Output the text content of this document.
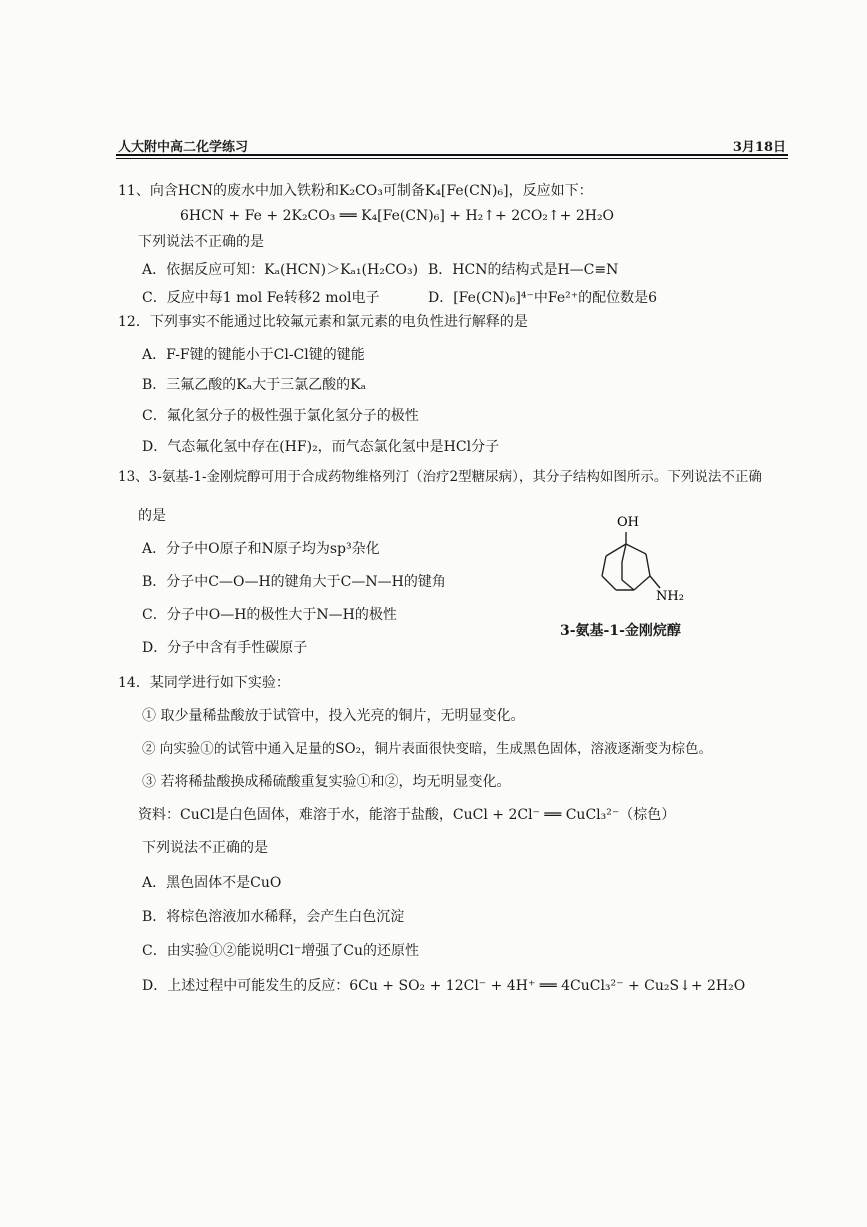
人大附中高二化学练习	3月18日
11、向含HCN的废水中加入铁粉和K₂CO₃可制备K₄[Fe(CN)₆]，反应如下：
6HCN + Fe + 2K₂CO₃ ══ K₄[Fe(CN)₆] + H₂↑+ 2CO₂↑+ 2H₂O
下列说法不正确的是
A．依据反应可知：Kₐ(HCN)＞Kₐ₁(H₂CO₃) B．HCN的结构式是H—C≡N
C．反应中每1 mol Fe转移2 mol电子	D．[Fe(CN)₆]⁴⁻中Fe²⁺的配位数是6
12．下列事实不能通过比较氟元素和氯元素的电负性进行解释的是
A．F-F键的键能小于Cl-Cl键的键能
B．三氟乙酸的Kₐ大于三氯乙酸的Kₐ
C．氟化氢分子的极性强于氯化氢分子的极性
D．气态氟化氢中存在(HF)₂，而气态氯化氢中是HCl分子
13、3-氨基-1-金刚烷醇可用于合成药物维格列汀（治疗2型糖尿病），其分子结构如图所示。下列说法不正确
的是
A．分子中O原子和N原子均为sp³杂化
B．分子中C—O—H的键角大于C—N—H的键角
C．分子中O—H的极性大于N—H的极性
D．分子中含有手性碳原子
OH
NH₂
3-氨基-1-金刚烷醇
14．某同学进行如下实验：
① 取少量稀盐酸放于试管中，投入光亮的铜片，无明显变化。
② 向实验①的试管中通入足量的SO₂，铜片表面很快变暗，生成黑色固体，溶液逐渐变为棕色。
③ 若将稀盐酸换成稀硫酸重复实验①和②，均无明显变化。
资料：CuCl是白色固体，难溶于水，能溶于盐酸，CuCl + 2Cl⁻ ══ CuCl₃²⁻（棕色）
下列说法不正确的是
A．黑色固体不是CuO
B．将棕色溶液加水稀释，会产生白色沉淀
C．由实验①②能说明Cl⁻增强了Cu的还原性
D．上述过程中可能发生的反应：6Cu + SO₂ + 12Cl⁻ + 4H⁺ ══ 4CuCl₃²⁻ + Cu₂S↓+ 2H₂O
